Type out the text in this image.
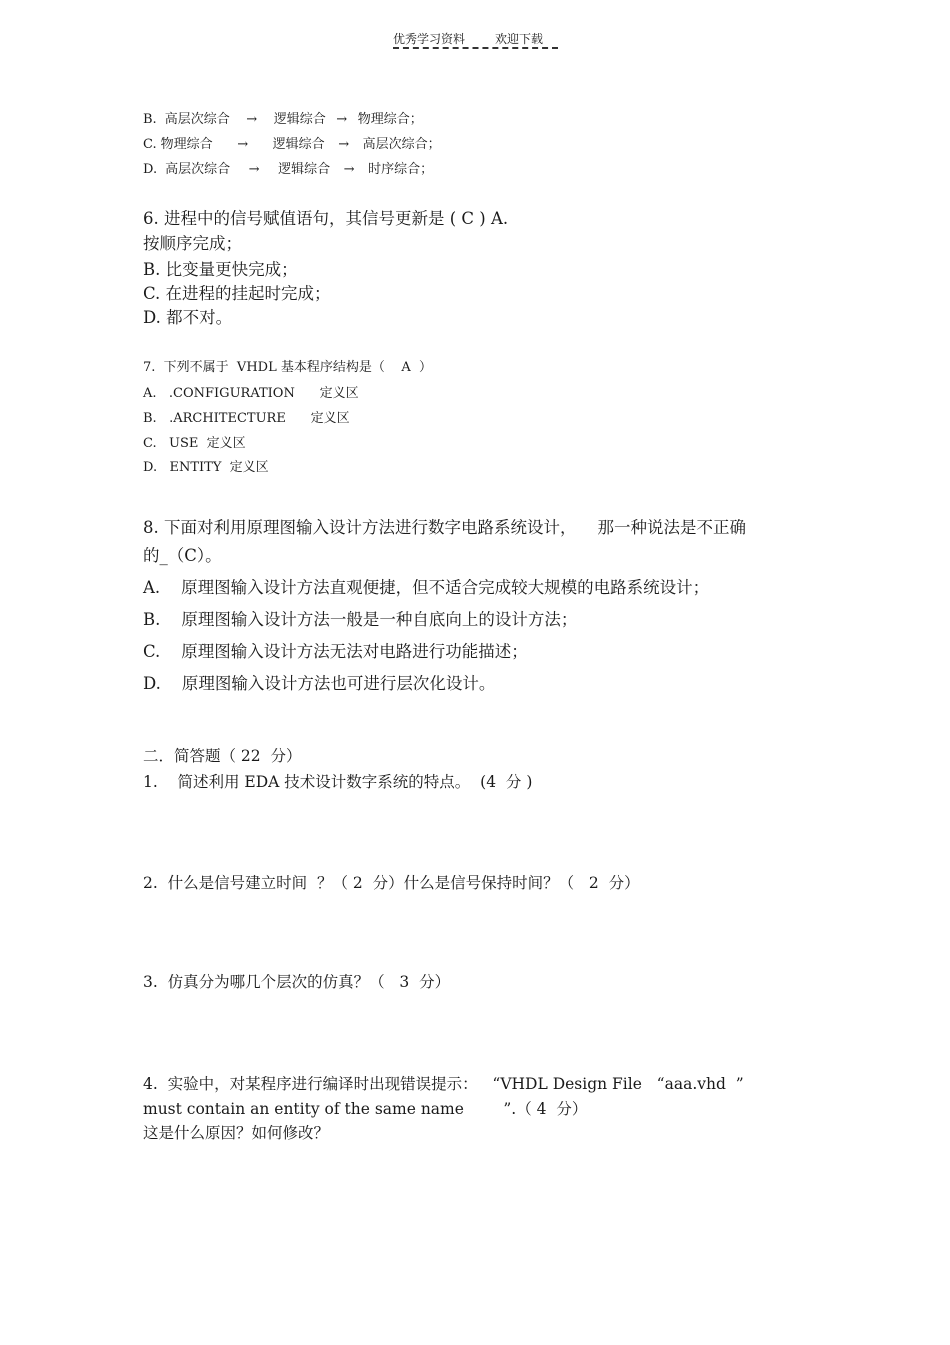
优秀学习资料	欢迎下载
B. 高层次综合 → 逻辑综合 → 物理综合；
C. 物理综合 → 逻辑综合 → 高层次综合；
D. 高层次综合 → 逻辑综合 → 时序综合；
6. 进程中的信号赋值语句，其信号更新是 ( C ) A.
按顺序完成；
B. 比变量更快完成；
C. 在进程的挂起时完成；
D. 都不对。
7.  下列不属于  VHDL 基本程序结构是（    A  ）
A.   .CONFIGURATION      定义区
B.   .ARCHITECTURE      定义区
C.   USE  定义区
D.   ENTITY  定义区
8. 下面对利用原理图输入设计方法进行数字电路系统设计，    那一种说法是不正确
的_（C）。
A.    原理图输入设计方法直观便捷，但不适合完成较大规模的电路系统设计；
B.    原理图输入设计方法一般是一种自底向上的设计方法；
C.    原理图输入设计方法无法对电路进行功能描述；
D.    原理图输入设计方法也可进行层次化设计。
二．简答题（ 22  分）
1.    简述利用 EDA 技术设计数字系统的特点。  (4  分 )
2.  什么是信号建立时间  ？（ 2  分）什么是信号保持时间？（   2  分）
3.  仿真分为哪几个层次的仿真？（   3  分）
4.  实验中，对某程序进行编译时出现错误提示：   “VHDL Design File   “aaa.vhd  ”
must contain an entity of the same name        ”.（ 4  分）
这是什么原因？如何修改？
